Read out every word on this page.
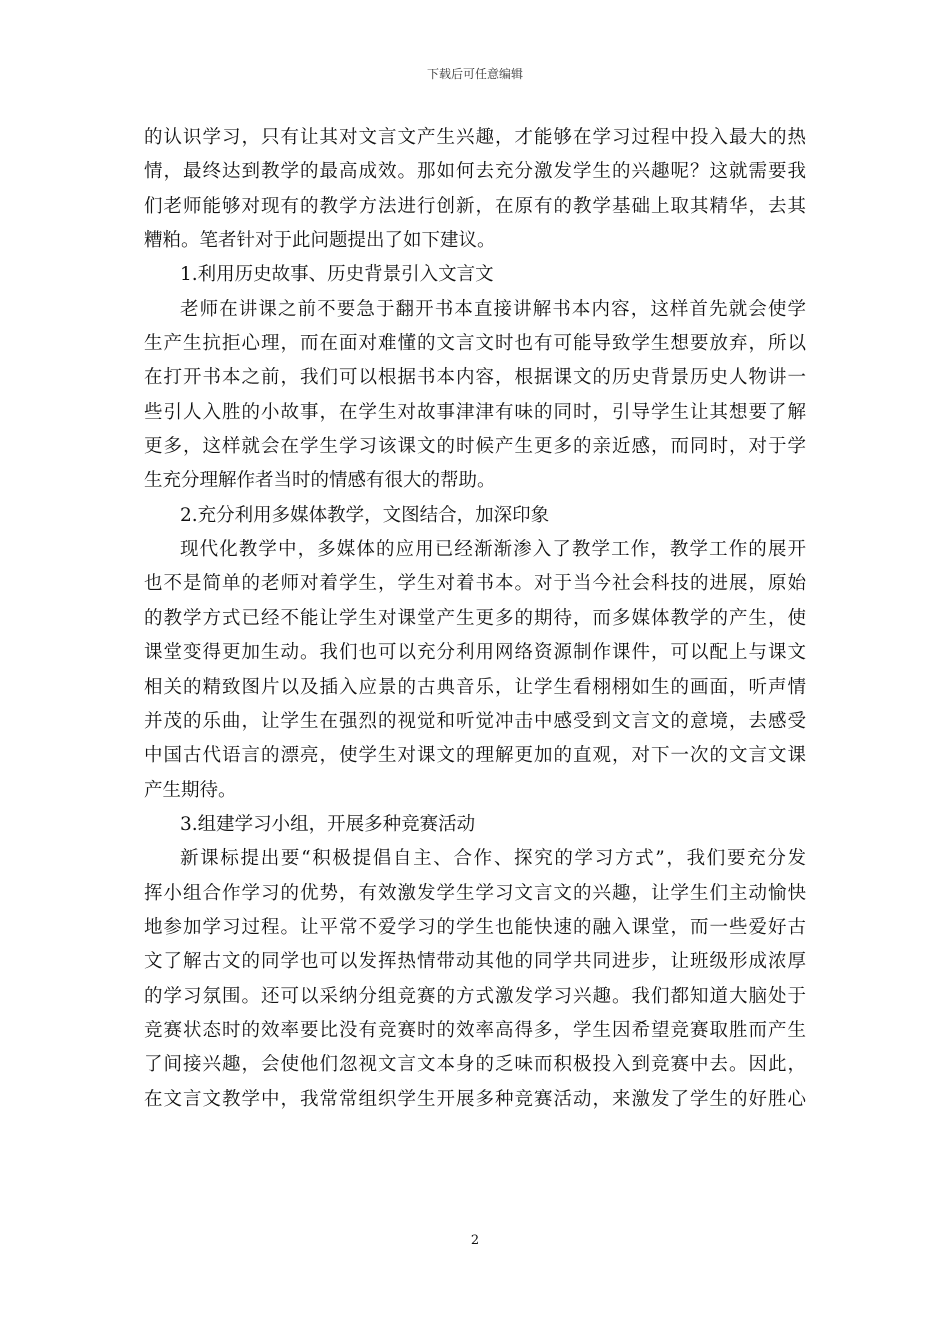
下载后可任意编辑
的认识学习，只有让其对文言文产生兴趣，才能够在学习过程中投入最大的热
情，最终达到教学的最高成效。那如何去充分激发学生的兴趣呢？这就需要我
们老师能够对现有的教学方法进行创新，在原有的教学基础上取其精华，去其
糟粕。笔者针对于此问题提出了如下建议。
1.利用历史故事、历史背景引入文言文
老师在讲课之前不要急于翻开书本直接讲解书本内容，这样首先就会使学
生产生抗拒心理，而在面对难懂的文言文时也有可能导致学生想要放弃，所以
在打开书本之前，我们可以根据书本内容，根据课文的历史背景历史人物讲一
些引人入胜的小故事，在学生对故事津津有味的同时，引导学生让其想要了解
更多，这样就会在学生学习该课文的时候产生更多的亲近感，而同时，对于学
生充分理解作者当时的情感有很大的帮助。
2.充分利用多媒体教学，文图结合，加深印象
现代化教学中，多媒体的应用已经渐渐渗入了教学工作，教学工作的展开
也不是简单的老师对着学生，学生对着书本。对于当今社会科技的进展，原始
的教学方式已经不能让学生对课堂产生更多的期待，而多媒体教学的产生，使
课堂变得更加生动。我们也可以充分利用网络资源制作课件，可以配上与课文
相关的精致图片以及插入应景的古典音乐，让学生看栩栩如生的画面，听声情
并茂的乐曲，让学生在强烈的视觉和听觉冲击中感受到文言文的意境，去感受
中国古代语言的漂亮，使学生对课文的理解更加的直观，对下一次的文言文课
产生期待。
3.组建学习小组，开展多种竞赛活动
新课标提出要“积极提倡自主、合作、探究的学习方式”，我们要充分发
挥小组合作学习的优势，有效激发学生学习文言文的兴趣，让学生们主动愉快
地参加学习过程。让平常不爱学习的学生也能快速的融入课堂，而一些爱好古
文了解古文的同学也可以发挥热情带动其他的同学共同进步，让班级形成浓厚
的学习氛围。还可以采纳分组竞赛的方式激发学习兴趣。我们都知道大脑处于
竞赛状态时的效率要比没有竞赛时的效率高得多，学生因希望竞赛取胜而产生
了间接兴趣，会使他们忽视文言文本身的乏味而积极投入到竞赛中去。因此，
在文言文教学中，我常常组织学生开展多种竞赛活动，来激发了学生的好胜心
2
